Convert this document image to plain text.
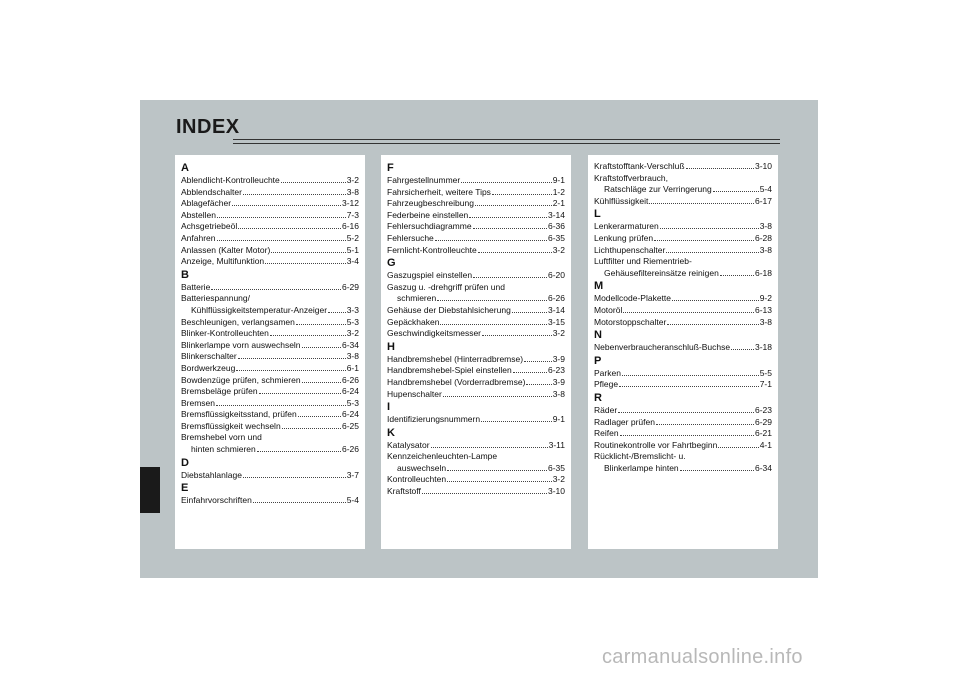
INDEX
A
Ablendlicht-Kontrolleuchte	3-2
Abblendschalter	3-8
Ablagefächer	3-12
Abstellen	7-3
Achsgetriebeöl	6-16
Anfahren	5-2
Anlassen (Kalter Motor)	5-1
Anzeige, Multifunktion	3-4
B
Batterie	6-29
Batteriespannung/
Kühlflüssigkeitstemperatur-Anzeiger 3-3
Beschleunigen, verlangsamen	5-3
Blinker-Kontrolleuchten	3-2
Blinkerlampe vorn auswechseln	6-34
Blinkerschalter	3-8
Bordwerkzeug	6-1
Bowdenzüge prüfen, schmieren	6-26
Bremsbeläge prüfen	6-24
Bremsen	5-3
Bremsflüssigkeitsstand, prüfen	6-24
Bremsflüssigkeit wechseln	6-25
Bremshebel vorn und
hinten schmieren	6-26
D
Diebstahlanlage	3-7
E
Einfahrvorschriften	5-4
F
Fahrgestellnummer	9-1
Fahrsicherheit, weitere Tips	1-2
Fahrzeugbeschreibung	2-1
Federbeine einstellen	3-14
Fehlersuchdiagramme	6-36
Fehlersuche	6-35
Fernlicht-Kontrolleuchte	3-2
G
Gaszugspiel einstellen	6-20
Gaszug u. -drehgriff prüfen und
schmieren	6-26
Gehäuse der Diebstahlsicherung	3-14
Gepäckhaken	3-15
Geschwindigkeitsmesser	3-2
H
Handbremshebel (Hinterradbremse)	3-9
Handbremshebel-Spiel einstellen	6-23
Handbremshebel (Vorderradbremse)	3-9
Hupenschalter	3-8
I
Identifizierungsnummern	9-1
K
Katalysator	3-11
Kennzeichenleuchten-Lampe
auswechseln	6-35
Kontrolleuchten	3-2
Kraftstoff	3-10
Kraftstofftank-Verschluß	3-10
Kraftstoffverbrauch,
Ratschläge zur Verringerung	5-4
Kühlflüssigkeit	6-17
L
Lenkerarmaturen	3-8
Lenkung prüfen	6-28
Lichthupenschalter	3-8
Luftfilter und Riementrieb-
Gehäusefiltereinsätze reinigen	6-18
M
Modellcode-Plakette	9-2
Motoröl	6-13
Motorstoppschalter	3-8
N
Nebenverbraucheranschluß-Buchse	3-18
P
Parken	5-5
Pflege	7-1
R
Räder	6-23
Radlager prüfen	6-29
Reifen	6-21
Routinekontrolle vor Fahrtbeginn	4-1
Rücklicht-/Bremslicht- u.
Blinkerlampe hinten	6-34
carmanualsonline.info
